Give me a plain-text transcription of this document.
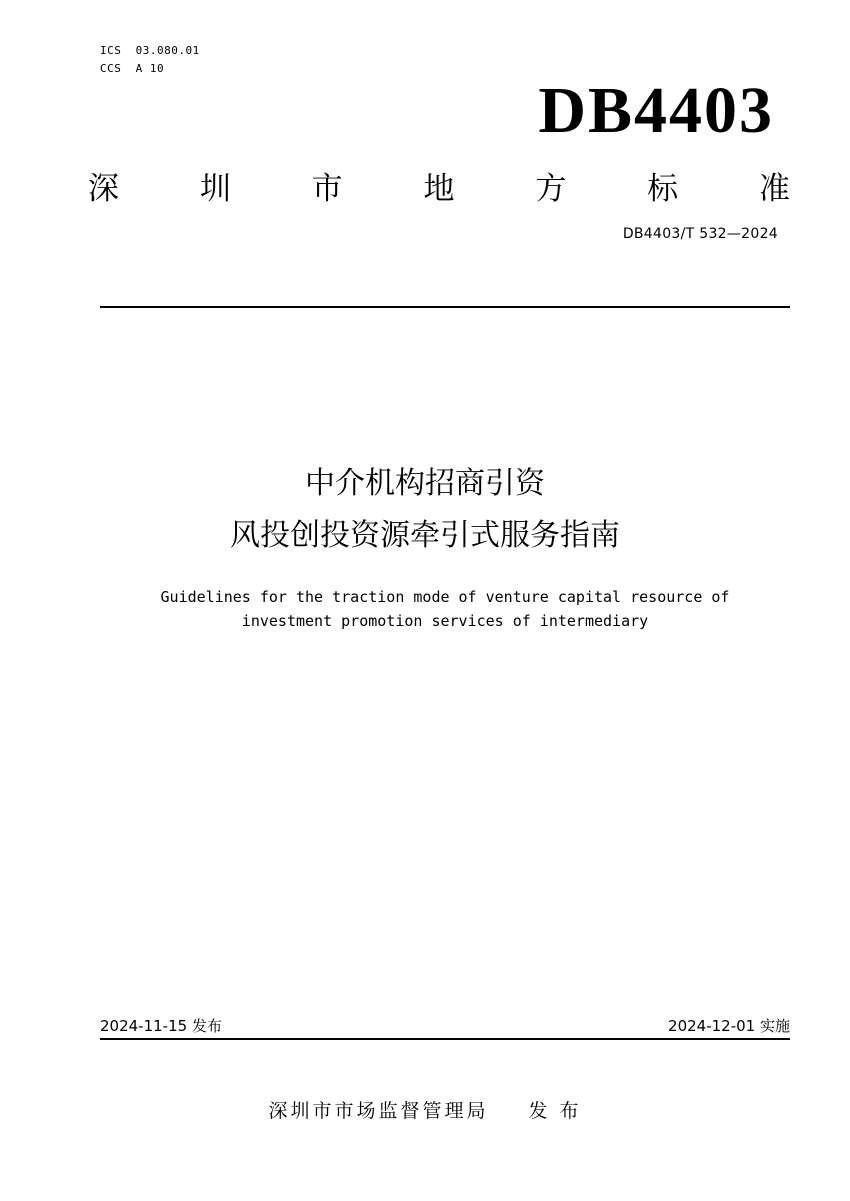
ICS  03.080.01
CCS  A 10
DB4403
深	圳	市	地	方	标	准
DB4403/T 532—2024
中介机构招商引资
风投创投资源牵引式服务指南
Guidelines for the traction mode of venture capital resource of
investment promotion services of intermediary
2024-11-15 发布	2024-12-01 实施
深圳市市场监督管理局 发 布
